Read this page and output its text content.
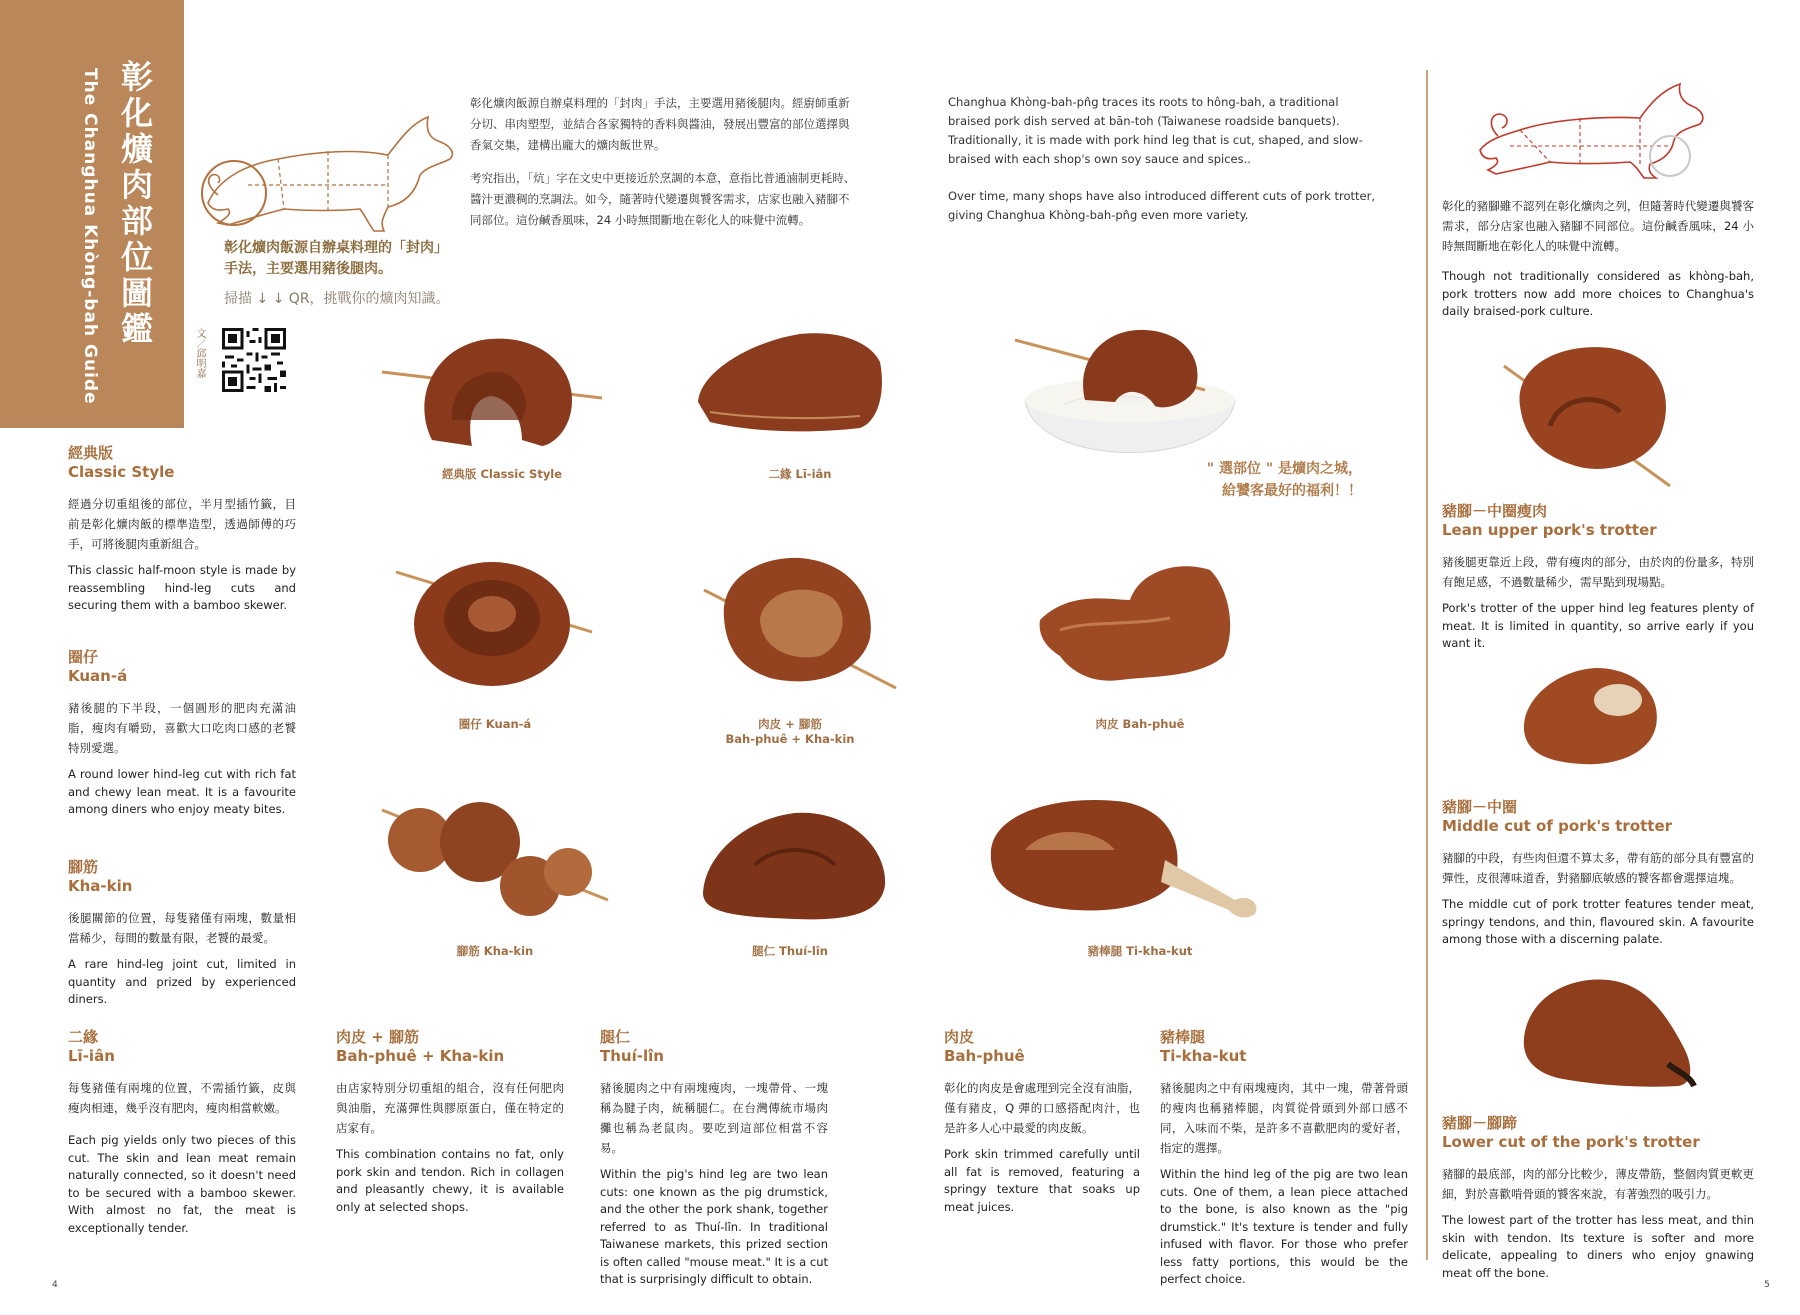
彰化爌肉部位圖鑑
The Changhua Khòng-bah Guide	文／邱明嘉

彰化爌肉飯源自辦桌料理的「封肉」手法，主要選用豬後腿肉。經廚師重新分切、串肉塑型，並結合各家獨特的香料與醬油，發展出豐富的部位選擇與香氣交集，建構出龐大的爌肉飯世界。

考究指出，「炕」字在文史中更接近於烹調的本意，意指比普通滷制更耗時、醬汁更濃稠的烹調法。如今，隨著時代變遷與饕客需求，店家也融入豬腳不同部位。這份鹹香風味，24 小時無間斷地在彰化人的味覺中流轉。

Changhua Khòng-bah-pn̂g traces its roots to hông-bah, a traditional braised pork dish served at bān-toh (Taiwanese roadside banquets). Traditionally, it is made with pork hind leg that is cut, shaped, and slow-braised with each shop's own soy sauce and spices..

Over time, many shops have also introduced different cuts of pork trotter, giving Changhua Khòng-bah-pn̂g even more variety.

彰化爌肉飯源自辦桌料理的「封肉」
手法，主要選用豬後腿肉。
掃描 ↓ ↓ QR，挑戰你的爌肉知識。
經典版 Classic Style	二緣 Lī-iân	" 選部位 " 是爌肉之城，
給饕客最好的福利！！
圈仔 Kuan-á	肉皮 + 腳筋
Bah-phuê + Kha-kin
肉皮 Bah-phuê
腳筋 Kha-kin	腿仁 Thuí-lîn	豬棒腿 Ti-kha-kut
經典版
Classic Style
經過分切重組後的部位，半月型插竹籤，目前是彰化爌肉飯的標準造型，透過師傅的巧手，可將後腿肉重新組合。
This classic half-moon style is made by reassembling hind-leg cuts and securing them with a bamboo skewer.
圈仔
Kuan-á
豬後腿的下半段，一個圓形的肥肉充滿油脂，瘦肉有嚼勁，喜歡大口吃肉口感的老饕特別愛選。
A round lower hind-leg cut with rich fat and chewy lean meat. It is a favourite among diners who enjoy meaty bites.
腳筋
Kha-kin
後腿關節的位置，每隻豬僅有兩塊，數量相當稀少，每間的數量有限，老饕的最愛。
A rare hind-leg joint cut, limited in quantity and prized by experienced diners.
二緣
Lī-iân
每隻豬僅有兩塊的位置，不需插竹籤，皮與瘦肉相連，幾乎沒有肥肉，瘦肉相當軟嫩。
Each pig yields only two pieces of this cut. The skin and lean meat remain naturally connected, so it doesn't need to be secured with a bamboo skewer. With almost no fat, the meat is exceptionally tender.
肉皮 + 腳筋
Bah-phuê + Kha-kin
由店家特別分切重組的組合，沒有任何肥肉與油脂，充滿彈性與膠原蛋白，僅在特定的店家有。
This combination contains no fat, only pork skin and tendon. Rich in collagen and pleasantly chewy, it is available only at selected shops.
腿仁
Thuí-lîn
豬後腿肉之中有兩塊瘦肉，一塊帶骨、一塊稱為腱子肉，統稱腿仁。在台灣傳統市場肉攤也稱為老鼠肉。要吃到這部位相當不容易。
Within the pig's hind leg are two lean cuts: one known as the pig drumstick, and the other the pork shank, together referred to as Thuí-lîn. In traditional Taiwanese markets, this prized section is often called "mouse meat." It is a cut that is surprisingly difficult to obtain.
肉皮
Bah-phuê
彰化的肉皮是會處理到完全沒有油脂，僅有豬皮，Q 彈的口感搭配肉汁，也是許多人心中最愛的肉皮飯。
Pork skin trimmed carefully until all fat is removed, featuring a springy texture that soaks up meat juices.
豬棒腿
Ti-kha-kut
豬後腿肉之中有兩塊瘦肉，其中一塊，帶著骨頭的瘦肉也稱豬棒腿，肉質從骨頭到外部口感不同，入味而不柴，是許多不喜歡肥肉的愛好者，指定的選擇。
Within the hind leg of the pig are two lean cuts. One of them, a lean piece attached to the bone, is also known as the "pig drumstick." It's texture is tender and fully infused with flavor. For those who prefer less fatty portions, this would be the perfect choice.
彰化的豬腳雖不認列在彰化爌肉之列，但隨著時代變遷與饕客需求，部分店家也融入豬腳不同部位。這份鹹香風味，24 小時無間斷地在彰化人的味覺中流轉。
Though not traditionally considered as khòng-bah, pork trotters now add more choices to Changhua's daily braised-pork culture.
豬腳－中圈瘦肉
Lean upper pork's trotter
豬後腿更靠近上段，帶有瘦肉的部分，由於肉的份量多，特別有飽足感，不過數量稀少，需早點到現場點。
Pork's trotter of the upper hind leg features plenty of meat. It is limited in quantity, so arrive early if you want it.
豬腳－中圈
Middle cut of pork's trotter
豬腳的中段，有些肉但還不算太多，帶有筋的部分具有豐富的彈性，皮很薄味道香，對豬腳底敏感的饕客都會選擇這塊。
The middle cut of pork trotter features tender meat, springy tendons, and thin, flavoured skin. A favourite among those with a discerning palate.
豬腳－腳蹄
Lower cut of the pork's trotter
豬腳的最底部，肉的部分比較少，薄皮帶筋，整個肉質更軟更細，對於喜歡啃骨頭的饕客來說，有著強烈的吸引力。
The lowest part of the trotter has less meat, and thin skin with tendon. Its texture is softer and more delicate, appealing to diners who enjoy gnawing meat off the bone.
4	5
